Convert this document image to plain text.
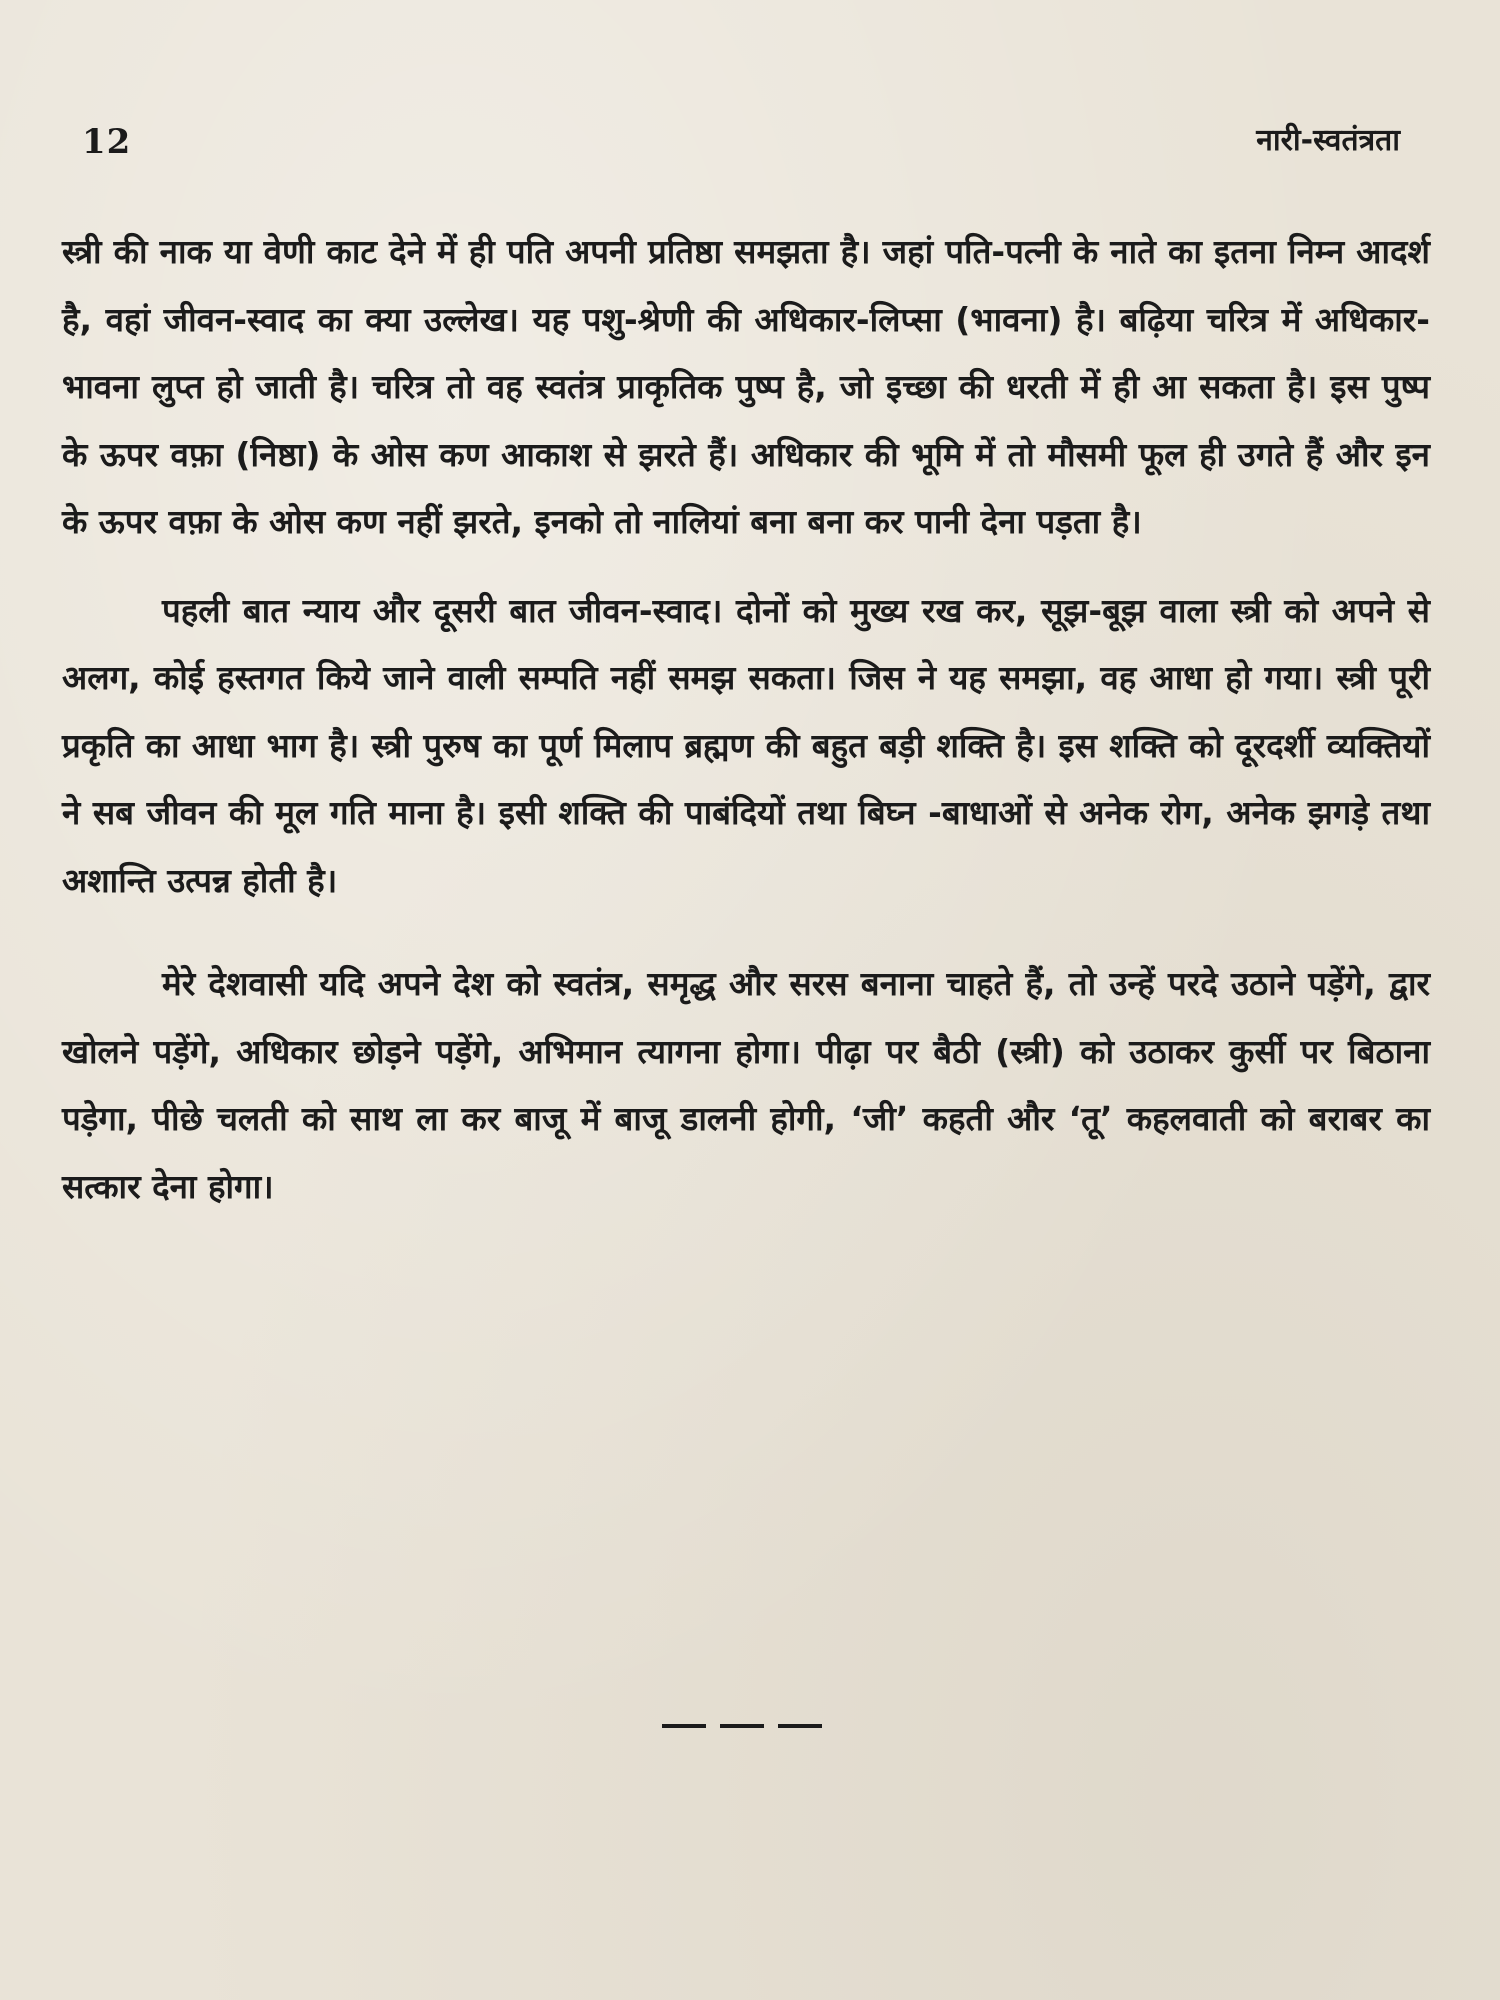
12	नारी-स्वतंत्रता

स्त्री की नाक या वेणी काट देने में ही पति अपनी प्रतिष्ठा समझता है। जहां पति-पत्नी के नाते का इतना निम्न आदर्श है, वहां जीवन-स्वाद का क्या उल्लेख। यह पशु-श्रेणी की अधिकार-लिप्सा (भावना) है। बढ़िया चरित्र में अधिकार-भावना लुप्त हो जाती है। चरित्र तो वह स्वतंत्र प्राकृतिक पुष्प है, जो इच्छा की धरती में ही आ सकता है। इस पुष्प के ऊपर वफ़ा (निष्ठा) के ओस कण आकाश से झरते हैं। अधिकार की भूमि में तो मौसमी फूल ही उगते हैं और इन के ऊपर वफ़ा के ओस कण नहीं झरते, इनको तो नालियां बना बना कर पानी देना पड़ता है।

पहली बात न्याय और दूसरी बात जीवन-स्वाद। दोनों को मुख्य रख कर, सूझ-बूझ वाला स्त्री को अपने से अलग, कोई हस्तगत किये जाने वाली सम्पति नहीं समझ सकता। जिस ने यह समझा, वह आधा हो गया। स्त्री पूरी प्रकृति का आधा भाग है। स्त्री पुरुष का पूर्ण मिलाप ब्रह्मण की बहुत बड़ी शक्ति है। इस शक्ति को दूरदर्शी व्यक्तियों ने सब जीवन की मूल गति माना है। इसी शक्ति की पाबंदियों तथा बिघ्न -बाधाओं से अनेक रोग, अनेक झगड़े तथा अशान्ति उत्पन्न होती है।

मेरे देशवासी यदि अपने देश को स्वतंत्र, समृद्ध और सरस बनाना चाहते हैं, तो उन्हें परदे उठाने पड़ेंगे, द्वार खोलने पड़ेंगे, अधिकार छोड़ने पड़ेंगे, अभिमान त्यागना होगा। पीढ़ा पर बैठी (स्त्री) को उठाकर कुर्सी पर बिठाना पड़ेगा, पीछे चलती को साथ ला कर बाजू में बाजू डालनी होगी, ‘जी’ कहती और ‘तू’ कहलवाती को बराबर का सत्कार देना होगा।
